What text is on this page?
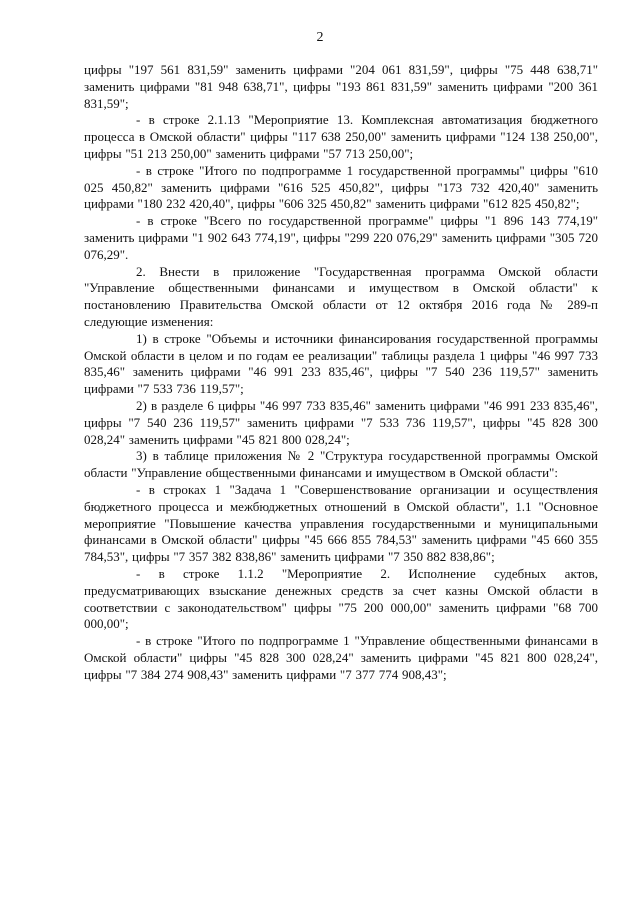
2

цифры "197 561 831,59" заменить цифрами "204 061 831,59", цифры "75 448 638,71" заменить цифрами "81 948 638,71", цифры "193 861 831,59" заменить цифрами "200 361 831,59";

- в строке 2.1.13 "Мероприятие 13. Комплексная автоматизация бюджетного процесса в Омской области" цифры "117 638 250,00" заменить цифрами "124 138 250,00", цифры "51 213 250,00" заменить цифрами "57 713 250,00";

- в строке "Итого по подпрограмме 1 государственной программы" цифры "610 025 450,82" заменить цифрами "616 525 450,82", цифры "173 732 420,40" заменить цифрами "180 232 420,40", цифры "606 325 450,82" заменить цифрами "612 825 450,82";

- в строке "Всего по государственной программе" цифры "1 896 143 774,19" заменить цифрами "1 902 643 774,19", цифры "299 220 076,29" заменить цифрами "305 720 076,29".

2. Внести в приложение "Государственная программа Омской области "Управление общественными финансами и имуществом в Омской области" к постановлению Правительства Омской области от 12 октября 2016 года № 289-п следующие изменения:

1) в строке "Объемы и источники финансирования государственной программы Омской области в целом и по годам ее реализации" таблицы раздела 1 цифры "46 997 733 835,46" заменить цифрами "46 991 233 835,46", цифры "7 540 236 119,57" заменить цифрами "7 533 736 119,57";

2) в разделе 6 цифры "46 997 733 835,46" заменить цифрами "46 991 233 835,46", цифры "7 540 236 119,57" заменить цифрами "7 533 736 119,57", цифры "45 828 300 028,24" заменить цифрами "45 821 800 028,24";

3) в таблице приложения № 2 "Структура государственной программы Омской области "Управление общественными финансами и имуществом в Омской области":

- в строках 1 "Задача 1 "Совершенствование организации и осуществления бюджетного процесса и межбюджетных отношений в Омской области", 1.1 "Основное мероприятие "Повышение качества управления государственными и муниципальными финансами в Омской области" цифры "45 666 855 784,53" заменить цифрами "45 660 355 784,53", цифры "7 357 382 838,86" заменить цифрами "7 350 882 838,86";

- в строке 1.1.2 "Мероприятие 2. Исполнение судебных актов, предусматривающих взыскание денежных средств за счет казны Омской области в соответствии с законодательством" цифры "75 200 000,00" заменить цифрами "68 700 000,00";

- в строке "Итого по подпрограмме 1 "Управление общественными финансами в Омской области" цифры "45 828 300 028,24" заменить цифрами "45 821 800 028,24", цифры "7 384 274 908,43" заменить цифрами "7 377 774 908,43";
